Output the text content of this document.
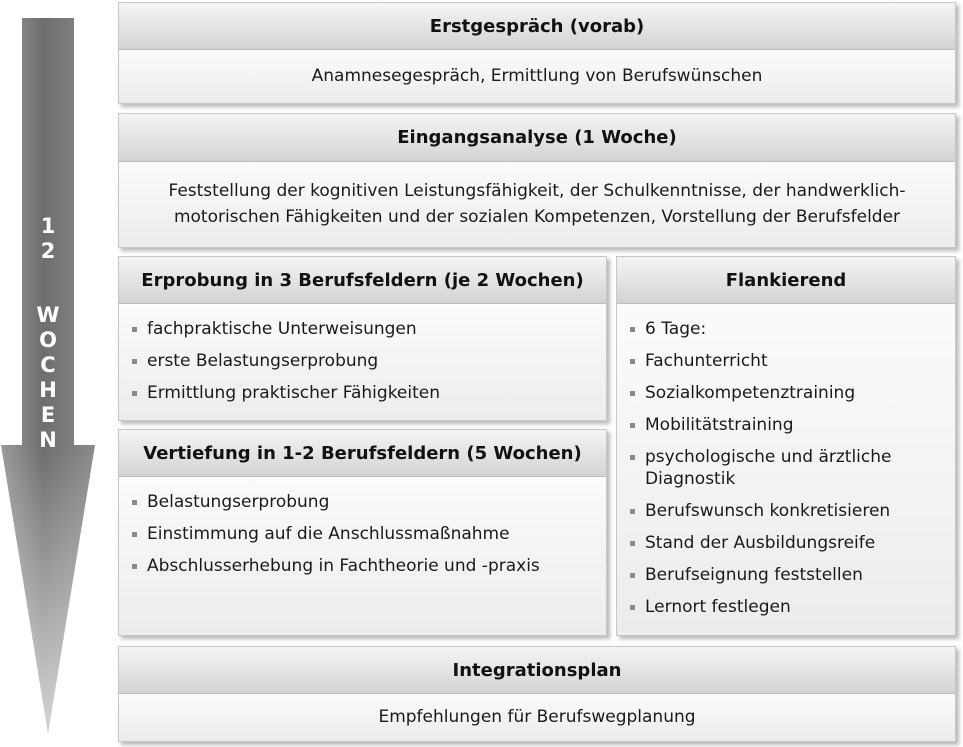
1
2
W
O
C
H
E
N
Erstgespräch (vorab)
Anamnesegespräch, Ermittlung von Berufswünschen
Eingangsanalyse (1 Woche)
Feststellung der kognitiven Leistungsfähigkeit, der Schulkenntnisse, der handwerklich-
motorischen Fähigkeiten und der sozialen Kompetenzen, Vorstellung der Berufsfelder
Erprobung in 3 Berufsfeldern (je 2 Wochen)
fachpraktische Unterweisungen
erste Belastungserprobung
Ermittlung praktischer Fähigkeiten
Vertiefung in 1-2 Berufsfeldern (5 Wochen)
Belastungserprobung
Einstimmung auf die Anschlussmaßnahme
Abschlusserhebung in Fachtheorie und -praxis
Flankierend
6 Tage:
Fachunterricht
Sozialkompetenztraining
Mobilitätstraining
psychologische und ärztliche Diagnostik
Berufswunsch konkretisieren
Stand der Ausbildungsreife
Berufseignung feststellen
Lernort festlegen
Integrationsplan
Empfehlungen für Berufswegplanung
